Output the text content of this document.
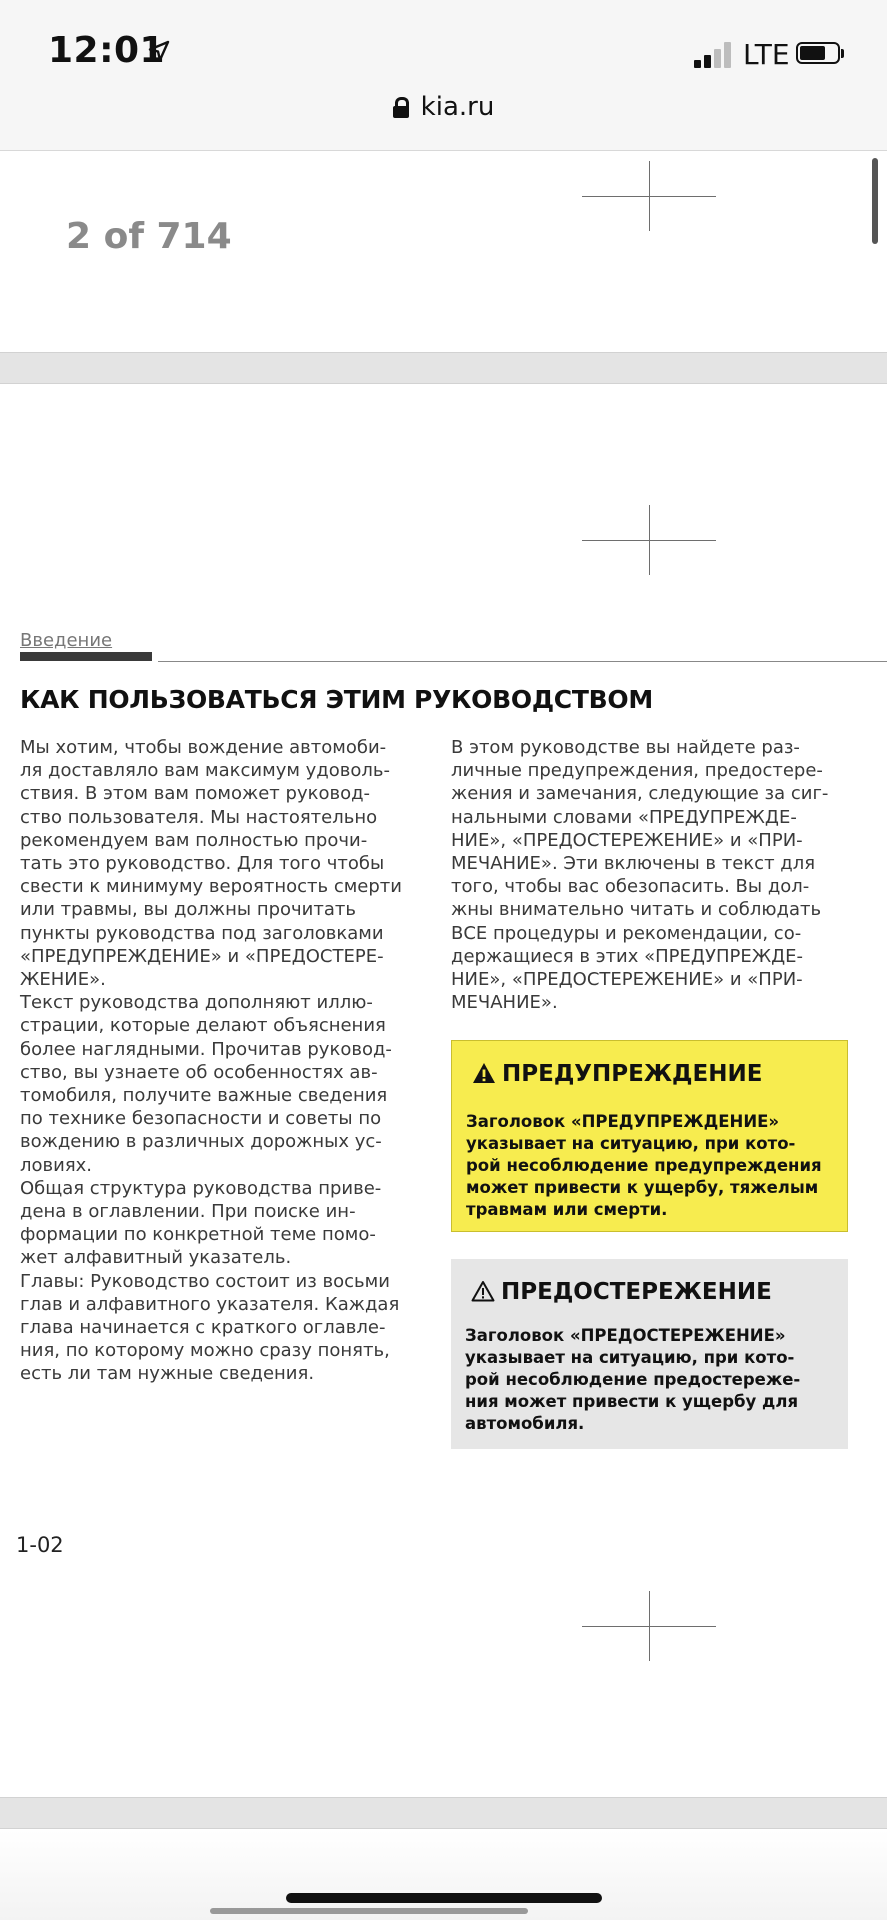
12:01	LTE
kia.ru
2 of 714
Введение
КАК ПОЛЬЗОВАТЬСЯ ЭТИМ РУКОВОДСТВОМ
Мы хотим, чтобы вождение автомоби-
ля доставляло вам максимум удоволь-
ствия. В этом вам поможет руковод-
ство пользователя. Мы настоятельно
рекомендуем вам полностью прочи-
тать это руководство. Для того чтобы
свести к минимуму вероятность смерти
или травмы, вы должны прочитать
пункты руководства под заголовками
«ПРЕДУПРЕЖДЕНИЕ» и «ПРЕДОСТЕРЕ-
ЖЕНИЕ».
Текст руководства дополняют иллю-
страции, которые делают объяснения
более наглядными. Прочитав руковод-
ство, вы узнаете об особенностях ав-
томобиля, получите важные сведения
по технике безопасности и советы по
вождению в различных дорожных ус-
ловиях.
Общая структура руководства приве-
дена в оглавлении. При поиске ин-
формации по конкретной теме помо-
жет алфавитный указатель.
Главы: Руководство состоит из восьми
глав и алфавитного указателя. Каждая
глава начинается с краткого оглавле-
ния, по которому можно сразу понять,
есть ли там нужные сведения.
В этом руководстве вы найдете раз-
личные предупреждения, предостере-
жения и замечания, следующие за сиг-
нальными словами «ПРЕДУПРЕЖДЕ-
НИЕ», «ПРЕДОСТЕРЕЖЕНИЕ» и «ПРИ-
МЕЧАНИЕ». Эти включены в текст для
того, чтобы вас обезопасить. Вы дол-
жны внимательно читать и соблюдать
ВСЕ процедуры и рекомендации, со-
держащиеся в этих «ПРЕДУПРЕЖДЕ-
НИЕ», «ПРЕДОСТЕРЕЖЕНИЕ» и «ПРИ-
МЕЧАНИЕ».
ПРЕДУПРЕЖДЕНИЕ
Заголовок «ПРЕДУПРЕЖДЕНИЕ»
указывает на ситуацию, при кото-
рой несоблюдение предупреждения
может привести к ущербу, тяжелым
травмам или смерти.
ПРЕДОСТЕРЕЖЕНИЕ
Заголовок «ПРЕДОСТЕРЕЖЕНИЕ»
указывает на ситуацию, при кото-
рой несоблюдение предостереже-
ния может привести к ущербу для
автомобиля.
1-02
